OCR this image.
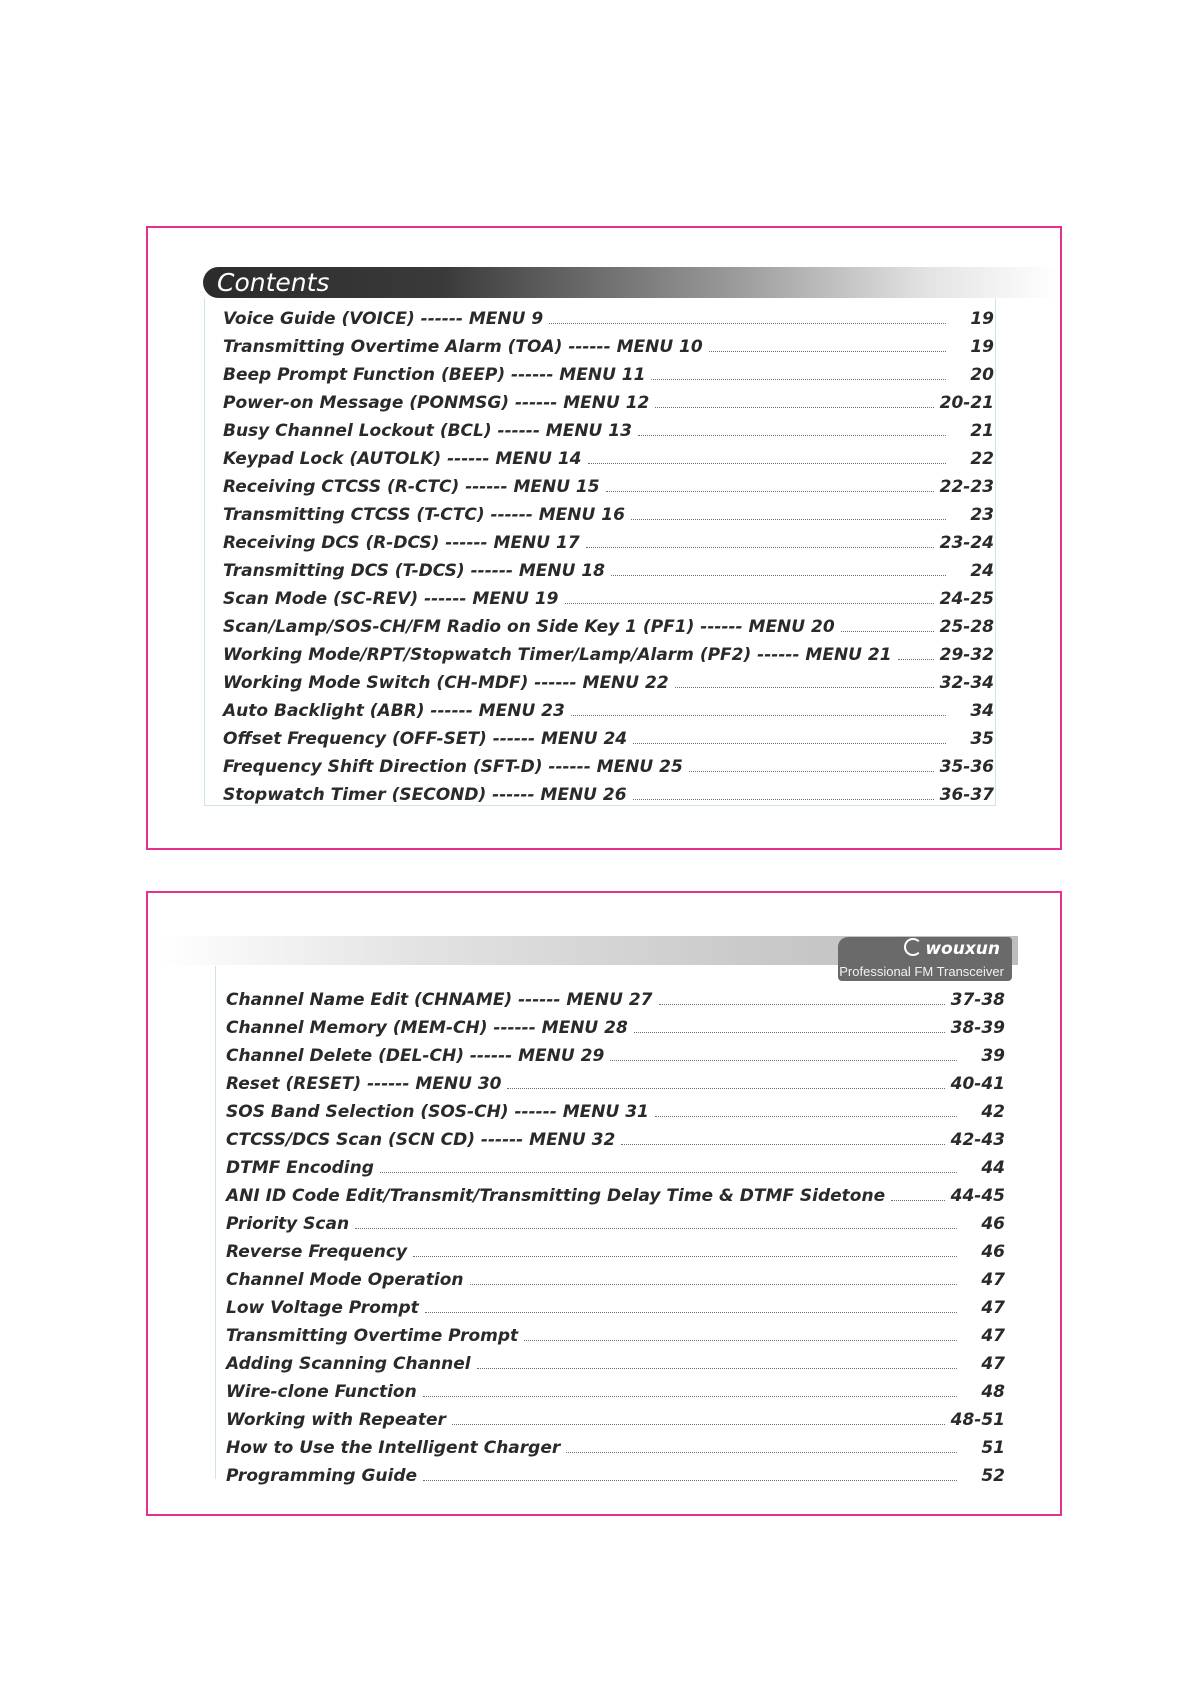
Contents
Voice Guide (VOICE) ------ MENU 9	19
Transmitting Overtime Alarm (TOA) ------ MENU 10	19
Beep Prompt Function (BEEP) ------ MENU 11	20
Power-on Message (PONMSG) ------ MENU 12	20-21
Busy Channel Lockout (BCL) ------ MENU 13	21
Keypad Lock (AUTOLK) ------ MENU 14	22
Receiving CTCSS (R-CTC) ------ MENU 15	22-23
Transmitting CTCSS (T-CTC) ------ MENU 16	23
Receiving DCS (R-DCS) ------ MENU 17	23-24
Transmitting DCS (T-DCS) ------ MENU 18	24
Scan Mode (SC-REV) ------ MENU 19	24-25
Scan/Lamp/SOS-CH/FM Radio on Side Key 1 (PF1) ------ MENU 20	25-28
Working Mode/RPT/Stopwatch Timer/Lamp/Alarm (PF2) ------ MENU 21	29-32
Working Mode Switch (CH-MDF) ------ MENU 22	32-34
Auto Backlight (ABR) ------ MENU 23	34
Offset Frequency (OFF-SET) ------ MENU 24	35
Frequency Shift Direction (SFT-D) ------ MENU 25	35-36
Stopwatch Timer (SECOND) ------ MENU 26	36-37
wouxun
Professional FM Transceiver
Channel Name Edit (CHNAME) ------ MENU 27	37-38
Channel Memory (MEM-CH) ------ MENU 28	38-39
Channel Delete (DEL-CH) ------ MENU 29	39
Reset (RESET) ------ MENU 30	40-41
SOS Band Selection (SOS-CH) ------ MENU 31	42
CTCSS/DCS Scan (SCN CD) ------ MENU 32	42-43
DTMF Encoding	44
ANI ID Code Edit/Transmit/Transmitting Delay Time & DTMF Sidetone	44-45
Priority Scan	46
Reverse Frequency	46
Channel Mode Operation	47
Low Voltage Prompt	47
Transmitting Overtime Prompt	47
Adding Scanning Channel	47
Wire-clone Function	48
Working with Repeater	48-51
How to Use the Intelligent Charger	51
Programming Guide	52
